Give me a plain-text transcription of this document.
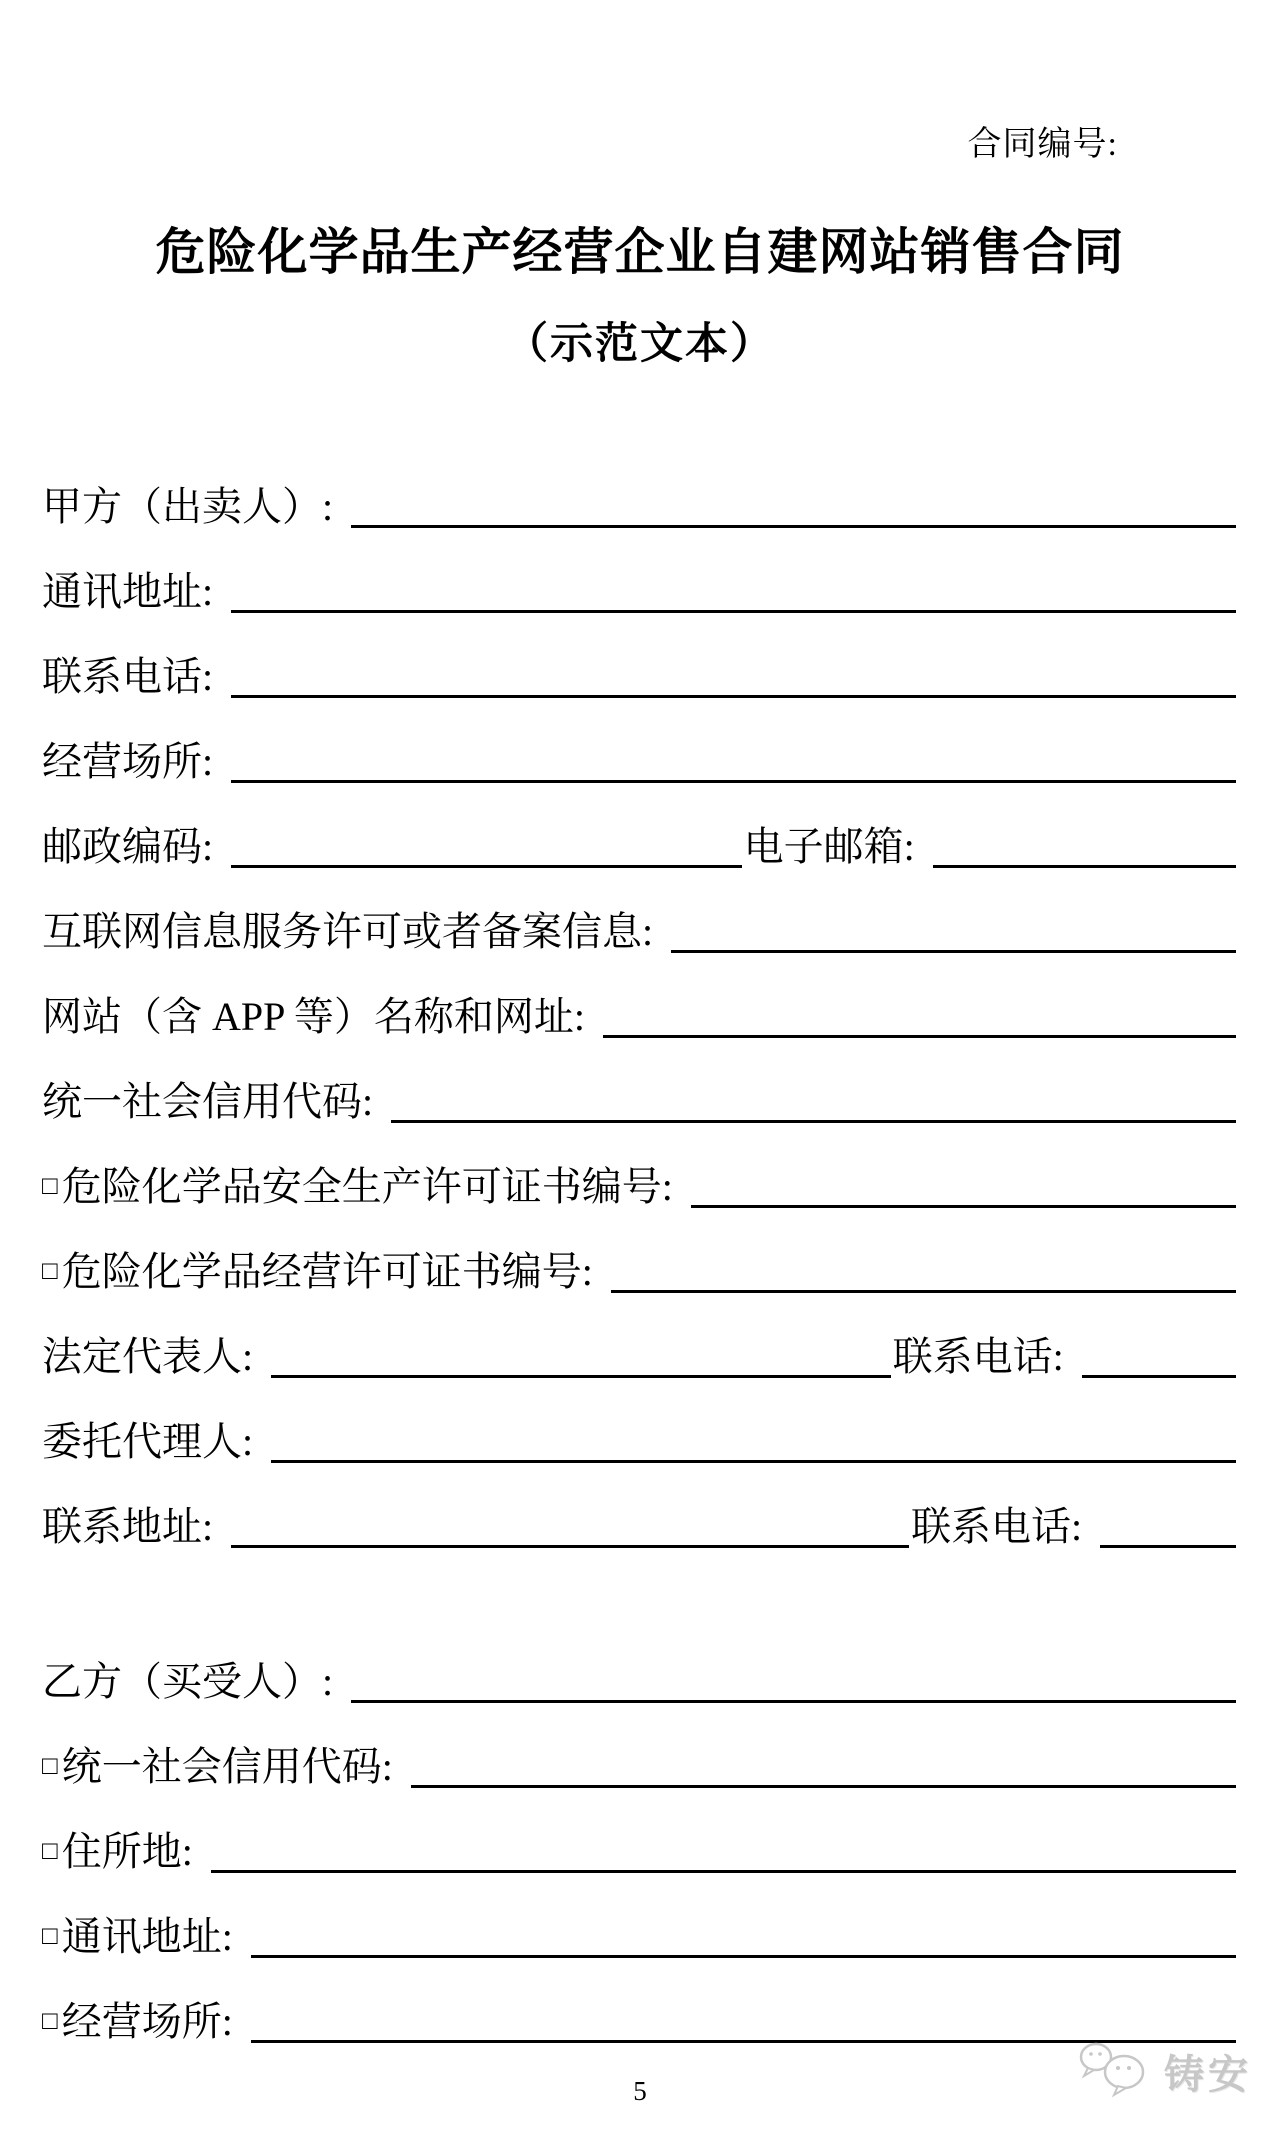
合同编号:
危险化学品生产经营企业自建网站销售合同
（示范文本）
甲方（出卖人）:
通讯地址:
联系电话:
经营场所:
邮政编码:	电子邮箱:
互联网信息服务许可或者备案信息:
网站（含 APP 等）名称和网址:
统一社会信用代码:
□ 危险化学品安全生产许可证书编号:
□ 危险化学品经营许可证书编号:
法定代表人:	联系电话:
委托代理人:
联系地址:	联系电话:
乙方（买受人）:
□ 统一社会信用代码:
□ 住所地:
□ 通讯地址:
□ 经营场所:
5	铸安
